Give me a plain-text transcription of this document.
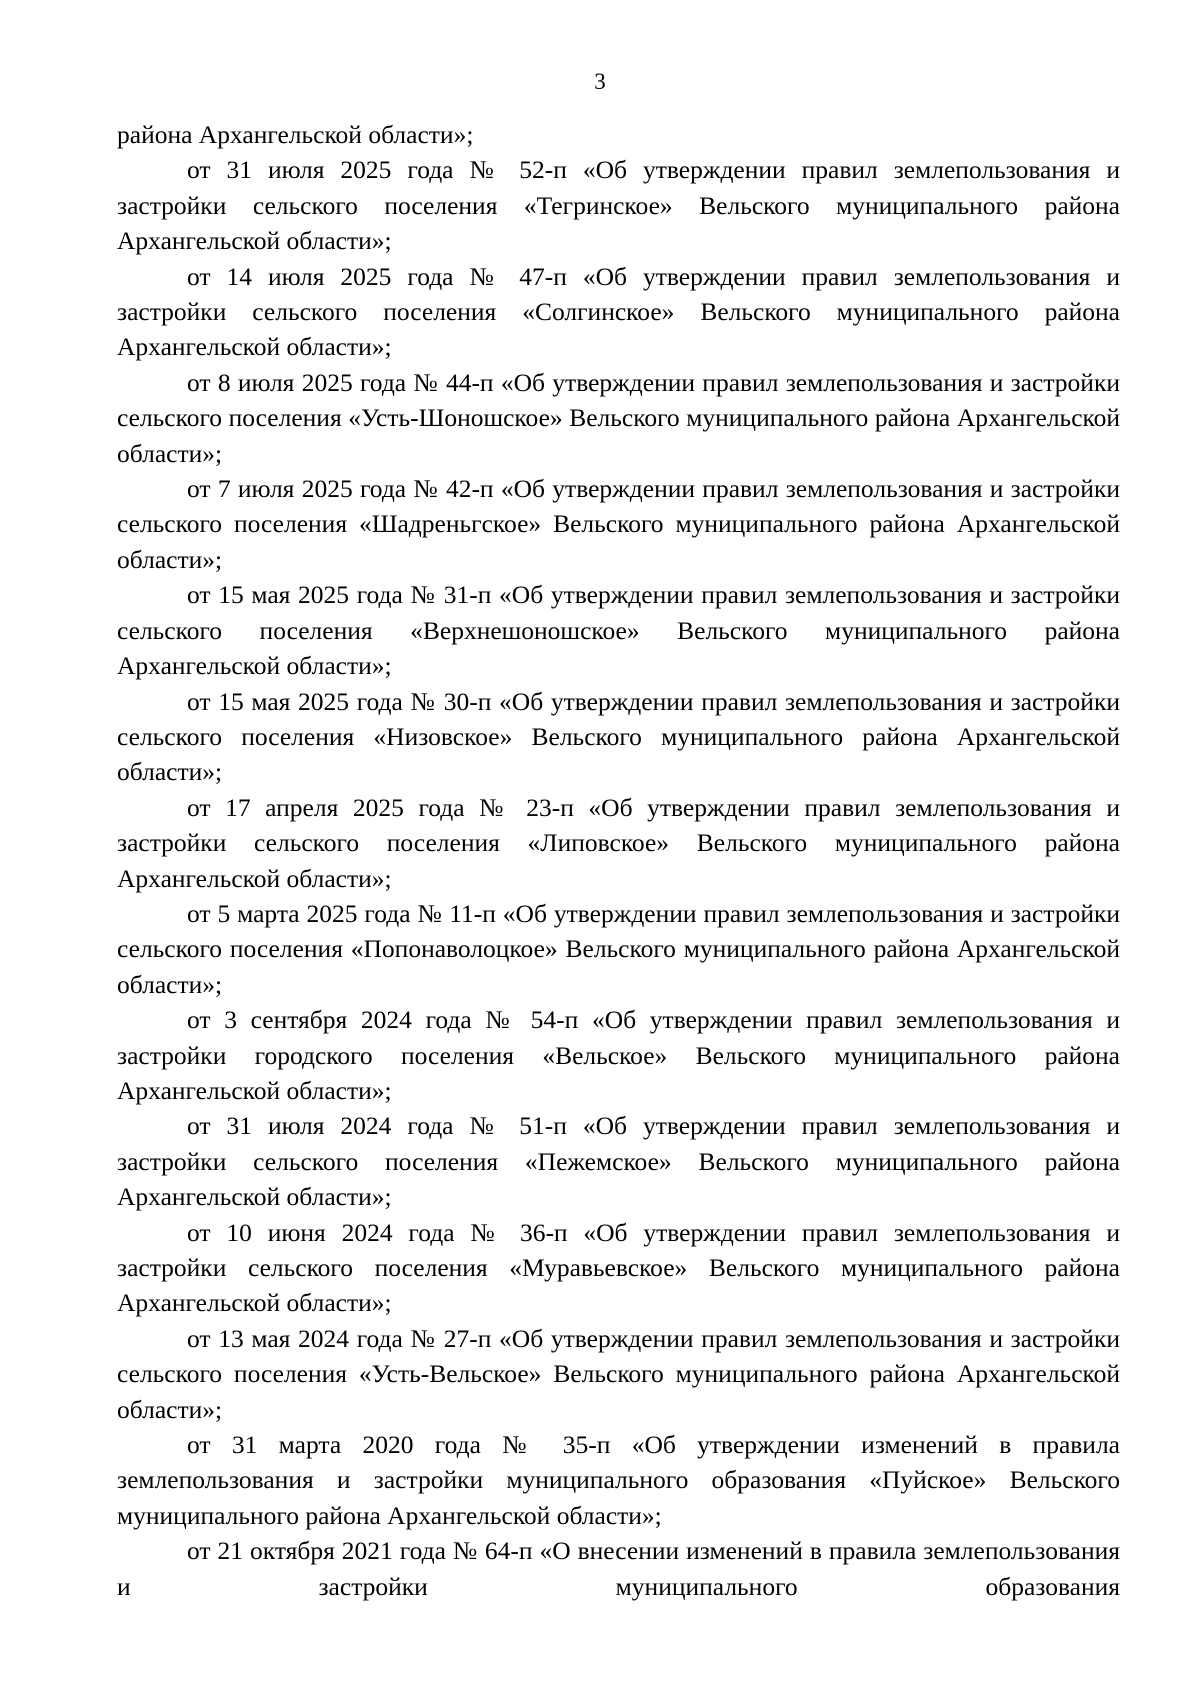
3

района Архангельской области»;

от 31 июля 2025 года № 52-п «Об утверждении правил землепользования и застройки сельского поселения «Тегринское» Вельского муниципального района Архангельской области»;

от 14 июля 2025 года № 47-п «Об утверждении правил землепользования и застройки сельского поселения «Солгинское» Вельского муниципального района Архангельской области»;

от 8 июля 2025 года № 44-п «Об утверждении правил землепользования и застройки сельского поселения «Усть-Шоношское» Вельского муниципального района Архангельской области»;

от 7 июля 2025 года № 42-п «Об утверждении правил землепользования и застройки сельского поселения «Шадреньгское» Вельского муниципального района Архангельской области»;

от 15 мая 2025 года № 31-п «Об утверждении правил землепользования и застройки сельского поселения «Верхнешоношское» Вельского муниципального района Архангельской области»;

от 15 мая 2025 года № 30-п «Об утверждении правил землепользования и застройки сельского поселения «Низовское» Вельского муниципального района Архангельской области»;

от 17 апреля 2025 года № 23-п «Об утверждении правил землепользования и застройки сельского поселения «Липовское» Вельского муниципального района Архангельской области»;

от 5 марта 2025 года № 11-п «Об утверждении правил землепользования и застройки сельского поселения «Попонаволоцкое» Вельского муниципального района Архангельской области»;

от 3 сентября 2024 года № 54-п «Об утверждении правил землепользования и застройки городского поселения «Вельское» Вельского муниципального района Архангельской области»;

от 31 июля 2024 года № 51-п «Об утверждении правил землепользования и застройки сельского поселения «Пежемское» Вельского муниципального района Архангельской области»;

от 10 июня 2024 года № 36-п «Об утверждении правил землепользования и застройки сельского поселения «Муравьевское» Вельского муниципального района Архангельской области»;

от 13 мая 2024 года № 27-п «Об утверждении правил землепользования и застройки сельского поселения «Усть-Вельское» Вельского муниципального района Архангельской области»;

от 31 марта 2020 года № 35-п «Об утверждении изменений в правила землепользования и застройки муниципального образования «Пуйское» Вельского муниципального района Архангельской области»;

от 21 октября 2021 года № 64-п «О внесении изменений в правила землепользования и застройки муниципального образования
